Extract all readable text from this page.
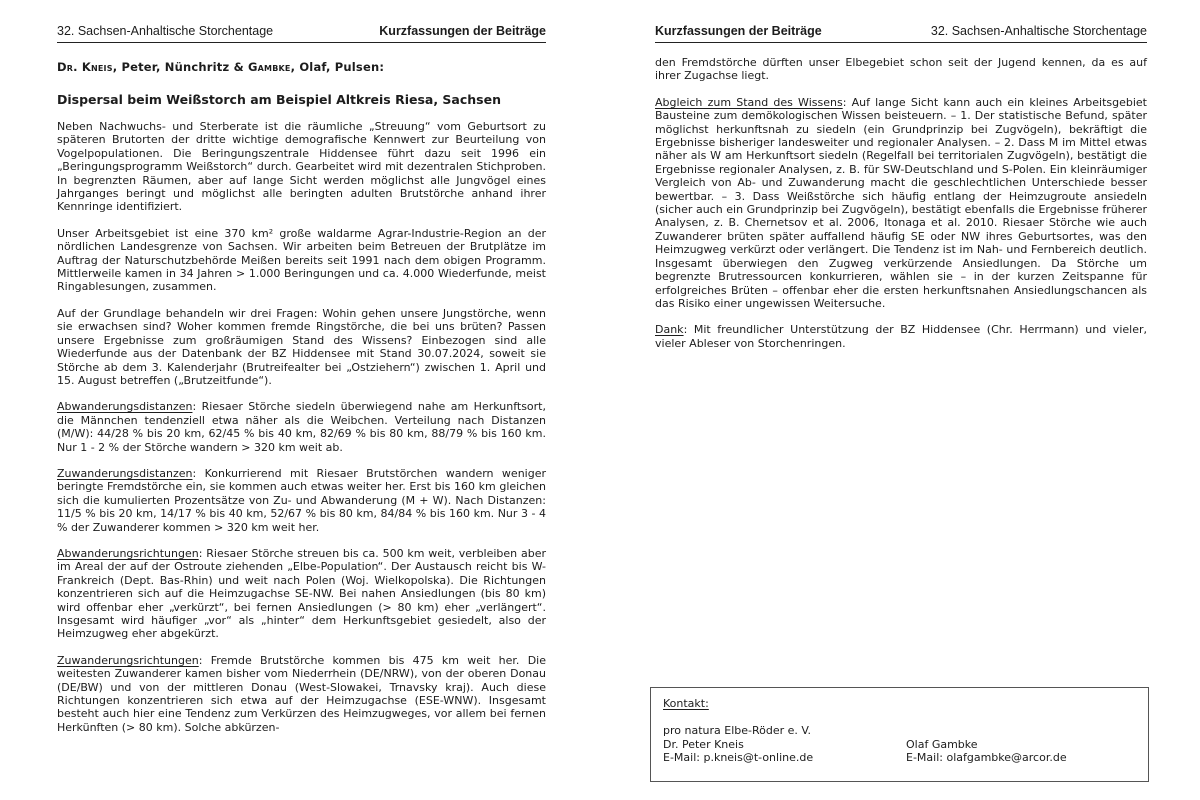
32. Sachsen-Anhaltische Storchentage	Kurzfassungen der Beiträge
Dr. Kneis, Peter, Nünchritz & Gambke, Olaf, Pulsen:
Dispersal beim Weißstorch am Beispiel Altkreis Riesa, Sachsen

Neben Nachwuchs- und Sterberate ist die räumliche „Streuung“ vom Geburtsort zu späteren Brutorten der dritte wichtige demografische Kennwert zur Beurteilung von Vogelpopulationen. Die Beringungszentrale Hiddensee führt dazu seit 1996 ein „Beringungsprogramm Weißstorch“ durch. Gearbeitet wird mit dezentralen Stichproben. In begrenzten Räumen, aber auf lange Sicht werden möglichst alle Jungvögel eines Jahrganges beringt und möglichst alle beringten adulten Brutstörche anhand ihrer Kennringe identifiziert.

Unser Arbeitsgebiet ist eine 370 km² große waldarme Agrar-Industrie-Region an der nördlichen Landesgrenze von Sachsen. Wir arbeiten beim Betreuen der Brutplätze im Auftrag der Naturschutzbehörde Meißen bereits seit 1991 nach dem obigen Programm. Mittlerweile kamen in 34 Jahren > 1.000 Beringungen und ca. 4.000 Wiederfunde, meist Ringablesungen, zusammen.

Auf der Grundlage behandeln wir drei Fragen: Wohin gehen unsere Jungstörche, wenn sie erwachsen sind? Woher kommen fremde Ringstörche, die bei uns brüten? Passen unsere Ergebnisse zum großräumigen Stand des Wissens? Einbezogen sind alle Wiederfunde aus der Datenbank der BZ Hiddensee mit Stand 30.07.2024, soweit sie Störche ab dem 3. Kalenderjahr (Brutreifealter bei „Ostziehern“) zwischen 1. April und 15. August betreffen („Brutzeitfunde“).

Abwanderungsdistanzen: Riesaer Störche siedeln überwiegend nahe am Herkunftsort, die Männchen tendenziell etwa näher als die Weibchen. Verteilung nach Distanzen (M/W): 44/28 % bis 20 km, 62/45 % bis 40 km, 82/69 % bis 80 km, 88/79 % bis 160 km. Nur 1 - 2 % der Störche wandern > 320 km weit ab.

Zuwanderungsdistanzen: Konkurrierend mit Riesaer Brutstörchen wandern weniger beringte Fremdstörche ein, sie kommen auch etwas weiter her. Erst bis 160 km gleichen sich die kumulierten Prozentsätze von Zu- und Abwanderung (M + W). Nach Distanzen: 11/5 % bis 20 km, 14/17 % bis 40 km, 52/67 % bis 80 km, 84/84 % bis 160 km. Nur 3 - 4 % der Zuwanderer kommen > 320 km weit her.

Abwanderungsrichtungen: Riesaer Störche streuen bis ca. 500 km weit, verbleiben aber im Areal der auf der Ostroute ziehenden „Elbe-Population“. Der Austausch reicht bis W-Frankreich (Dept. Bas-Rhin) und weit nach Polen (Woj. Wielkopolska). Die Richtungen konzentrieren sich auf die Heimzugachse SE-NW. Bei nahen Ansiedlungen (bis 80 km) wird offenbar eher „verkürzt“, bei fernen Ansiedlungen (> 80 km) eher „verlängert“. Insgesamt wird häufiger „vor“ als „hinter“ dem Herkunftsgebiet gesiedelt, also der Heimzugweg eher abgekürzt.

Zuwanderungsrichtungen: Fremde Brutstörche kommen bis 475 km weit her. Die weitesten Zuwanderer kamen bisher vom Niederrhein (DE/NRW), von der oberen Donau (DE/BW) und von der mittleren Donau (West-Slowakei, Trnavsky kraj). Auch diese Richtungen konzentrieren sich etwa auf der Heimzugachse (ESE-WNW). Insgesamt besteht auch hier eine Tendenz zum Verkürzen des Heimzugweges, vor allem bei fernen Herkünften (> 80 km). Solche abkürzen-

Kurzfassungen der Beiträge	32. Sachsen-Anhaltische Storchentage

den Fremdstörche dürften unser Elbegebiet schon seit der Jugend kennen, da es auf ihrer Zugachse liegt.

Abgleich zum Stand des Wissens: Auf lange Sicht kann auch ein kleines Arbeitsgebiet Bausteine zum demökologischen Wissen beisteuern. – 1. Der statistische Befund, später möglichst herkunftsnah zu siedeln (ein Grundprinzip bei Zugvögeln), bekräftigt die Ergebnisse bisheriger landesweiter und regionaler Analysen. – 2. Dass M im Mittel etwas näher als W am Herkunftsort siedeln (Regelfall bei territorialen Zugvögeln), bestätigt die Ergebnisse regionaler Analysen, z. B. für SW-Deutschland und S-Polen. Ein kleinräumiger Vergleich von Ab- und Zuwanderung macht die geschlechtlichen Unterschiede besser bewertbar. – 3. Dass Weißstörche sich häufig entlang der Heimzugroute ansiedeln (sicher auch ein Grundprinzip bei Zugvögeln), bestätigt ebenfalls die Ergebnisse früherer Analysen, z. B. Chernetsov et al. 2006, Itonaga et al. 2010. Riesaer Störche wie auch Zuwanderer brüten später auffallend häufig SE oder NW ihres Geburtsortes, was den Heimzugweg verkürzt oder verlängert. Die Tendenz ist im Nah- und Fernbereich deutlich. Insgesamt überwiegen den Zugweg verkürzende Ansiedlungen. Da Störche um begrenzte Brutressourcen konkurrieren, wählen sie – in der kurzen Zeitspanne für erfolgreiches Brüten – offenbar eher die ersten herkunftsnahen Ansiedlungschancen als das Risiko einer ungewissen Weitersuche.

Dank: Mit freundlicher Unterstützung der BZ Hiddensee (Chr. Herrmann) und vieler, vieler Ableser von Storchenringen.

Kontakt:
pro natura Elbe-Röder e. V.
Dr. Peter Kneis	Olaf Gambke
E-Mail: p.kneis@t-online.de	E-Mail: olafgambke@arcor.de
